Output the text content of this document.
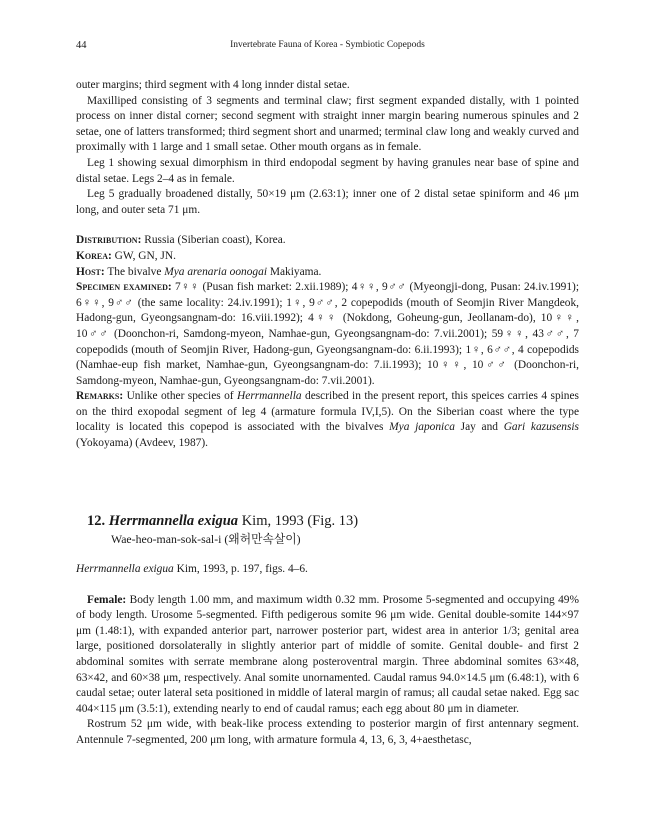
44	Invertebrate Fauna of Korea - Symbiotic Copepods

outer margins; third segment with 4 long innder distal setae.

Maxilliped consisting of 3 segments and terminal claw; first segment expanded distally, with 1 pointed process on inner distal corner; second segment with straight inner margin bearing numerous spinules and 2 setae, one of latters transformed; third segment short and unarmed; terminal claw long and weakly curved and proximally with 1 large and 1 small setae. Other mouth organs as in female.

Leg 1 showing sexual dimorphism in third endopodal segment by having granules near base of spine and distal setae. Legs 2–4 as in female.

Leg 5 gradually broadened distally, 50×19 μm (2.63:1); inner one of 2 distal setae spiniform and 46 μm long, and outer seta 71 μm.

Distribution: Russia (Siberian coast), Korea.

Korea: GW, GN, JN.

Host: The bivalve Mya arenaria oonogai Makiyama.

Specimen examined: 7♀♀ (Pusan fish market: 2.xii.1989); 4♀♀, 9♂♂ (Myeongji-dong, Pusan: 24.iv.1991); 6♀♀, 9♂♂ (the same locality: 24.iv.1991); 1♀, 9♂♂, 2 copepodids (mouth of Seomjin River Mangdeok, Hadong-gun, Gyeongsangnam-do: 16.viii.1992); 4♀♀ (Nokdong, Goheung-gun, Jeollanam-do), 10♀♀, 10♂♂ (Doonchon-ri, Samdong-myeon, Namhae-gun, Gyeongsangnam-do: 7.vii.2001); 59♀♀, 43♂♂, 7 copepodids (mouth of Seomjin River, Hadong-gun, Gyeongsangnam-do: 6.ii.1993); 1♀, 6♂♂, 4 copepodids (Namhae-eup fish market, Namhae-gun, Gyeongsangnam-do: 7.ii.1993); 10♀♀, 10♂♂ (Doonchon-ri, Samdong-myeon, Namhae-gun, Gyeongsangnam-do: 7.vii.2001).

Remarks: Unlike other species of Herrmannella described in the present report, this speices carries 4 spines on the third exopodal segment of leg 4 (armature formula IV,I,5). On the Siberian coast where the type locality is located this copepod is associated with the bivalves Mya japonica Jay and Gari kazusensis (Yokoyama) (Avdeev, 1987).

12. Herrmannella exigua Kim, 1993 (Fig. 13)
Wae-heo-man-sok-sal-i (왜허만속살이)

Herrmannella exigua Kim, 1993, p. 197, figs. 4–6.

Female: Body length 1.00 mm, and maximum width 0.32 mm. Prosome 5-segmented and occupying 49% of body length. Urosome 5-segmented. Fifth pedigerous somite 96 μm wide. Genital double-somite 144×97 μm (1.48:1), with expanded anterior part, narrower posterior part, widest area in anterior 1/3; genital area large, positioned dorsolaterally in slightly anterior part of middle of somite. Genital double- and first 2 abdominal somites with serrate membrane along posteroventral margin. Three abdominal somites 63×48, 63×42, and 60×38 μm, respectively. Anal somite unornamented. Caudal ramus 94.0×14.5 μm (6.48:1), with 6 caudal setae; outer lateral seta positioned in middle of lateral margin of ramus; all caudal setae naked. Egg sac 404×115 μm (3.5:1), extending nearly to end of caudal ramus; each egg about 80 μm in diameter.

Rostrum 52 μm wide, with beak-like process extending to posterior margin of first antennary segment. Antennule 7-segmented, 200 μm long, with armature formula 4, 13, 6, 3, 4+aesthetasc,
